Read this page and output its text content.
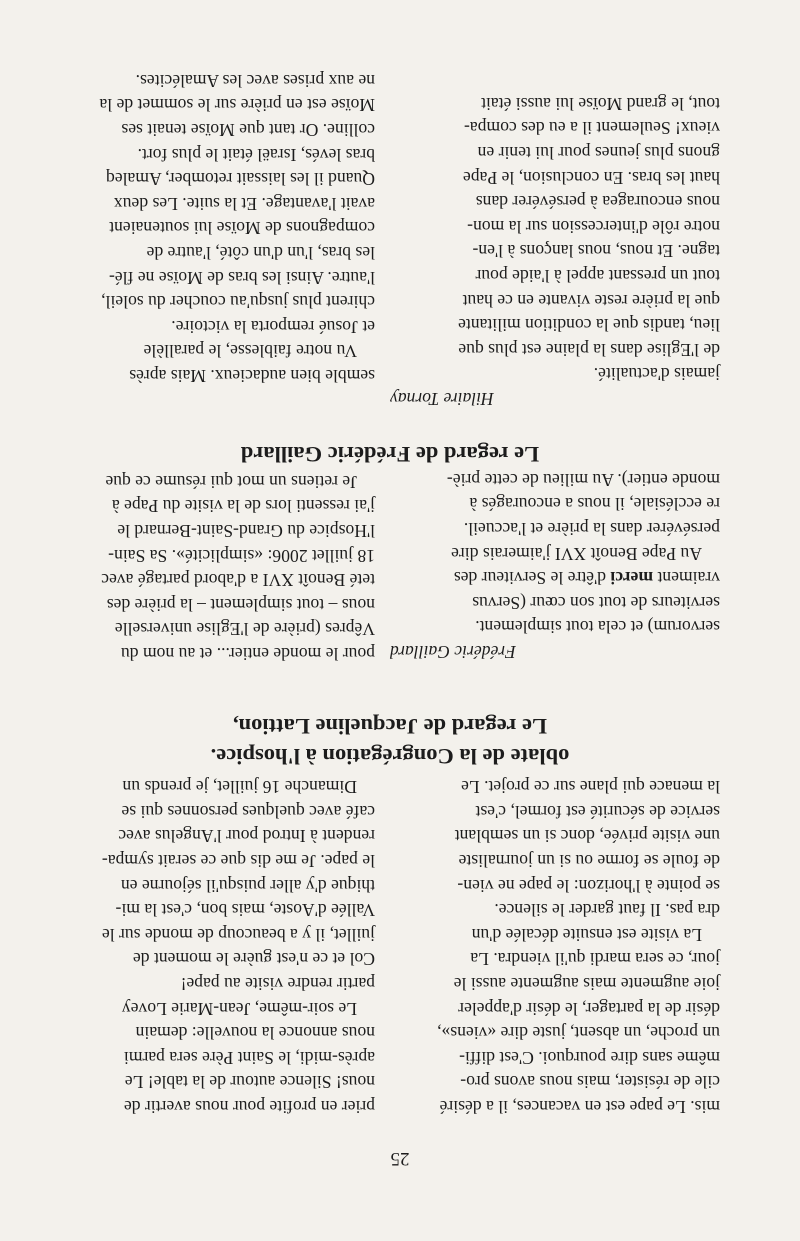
25

mis. Le pape est en vacances, il a désiré

cile de résister, mais nous avons pro-

même sans dire pourquoi. C'est diffi-

un proche, un absent, juste dire «viens»,

désir de la partager, le désir d'appeler

joie augmente mais augmente aussi le

jour, ce sera mardi qu'il viendra. La

La visite est ensuite décalée d'un

dra pas. Il faut garder le silence.

se pointe à l'horizon: le pape ne vien-

de foule se forme ou si un journaliste

une visite privée, donc si un semblant

service de sécurité est formel, c'est

la menace qui plane sur ce projet. Le

prier en profite pour nous avertir de

nous! Silence autour de la table! Le

après-midi, le Saint Père sera parmi

nous annonce la nouvelle: demain

Le soir-même, Jean-Marie Lovey

partir rendre visite au pape!

Col et ce n'est guère le moment de

juillet, il y a beaucoup de monde sur le

Vallée d'Aoste, mais bon, c'est la mi-

thique d'y aller puisqu'il séjourne en

le pape. Je me dis que ce serait sympa-

rendent à Introd pour l'Angelus avec

café avec quelques personnes qui se

Dimanche 16 juillet, je prends un

oblate de la Congrégation à l'hospice.
Le regard de Jacqueline Lattion,

Frédéric Gaillard

servorum) et cela tout simplement.

serviteurs de tout son cœur (Servus

vraiment merci d'être le Serviteur des

Au Pape Benoît XVI j'aimerais dire

persévérer dans la prière et l'accueil.

re ecclésiale, il nous a encouragés à

monde entier). Au milieu de cette priè-

pour le monde entier... et au nom du

Vêpres (prière de l'Eglise universelle

nous – tout simplement – la prière des

teté Benoît XVI a d'abord partagé avec

18 juillet 2006: «simplicité». Sa Sain-

l'Hospice du Grand-Saint-Bernard le

j'ai ressenti lors de la visite du Pape à

Je retiens un mot qui résume ce que

Le regard de Frédéric Gaillard

Hilaire Tornay

jamais d'actualité.

de l'Eglise dans la plaine est plus que

lieu, tandis que la condition militante

que la prière reste vivante en ce haut

tout un pressant appel à l'aide pour

tagne. Et nous, nous lançons à l'en-

notre rôle d'intercession sur la mon-

nous encouragea à persévérer dans

haut les bras. En conclusion, le Pape

gnons plus jeunes pour lui tenir en

vieux! Seulement il a eu des compa-

tout, le grand Moïse lui aussi était

semble bien audacieux. Mais après

Vu notre faiblesse, le parallèle

et Josué remporta la victoire.

chirent plus jusqu'au coucher du soleil,

l'autre. Ainsi les bras de Moïse ne flé-

les bras, l'un d'un côté, l'autre de

compagnons de Moïse lui soutenaient

avait l'avantage. Et la suite. Les deux

Quand il les laissait retomber, Amaleq

bras levés, Israël était le plus fort.

colline. Or tant que Moïse tenait ses

Moïse est en prière sur le sommet de la

ne aux prises avec les Amalécites.
